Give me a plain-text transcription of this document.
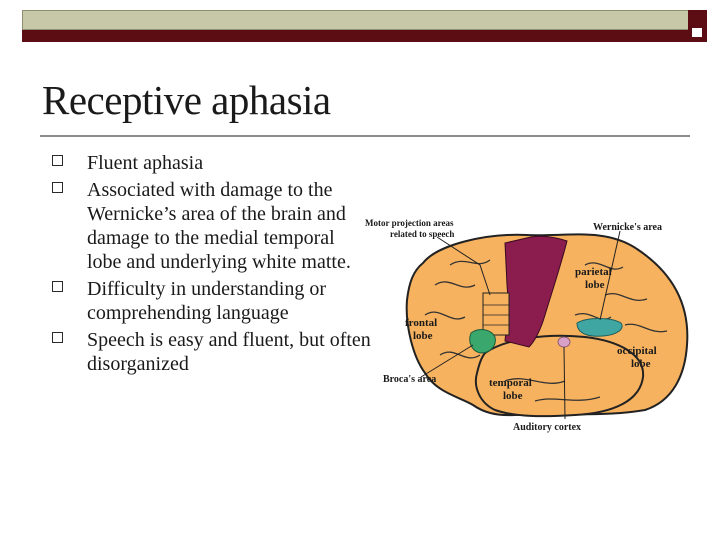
Receptive aphasia
Fluent aphasia
Associated with damage to the Wernicke’s area of the brain and damage to the medial temporal lobe and underlying white matte.
Difficulty in understanding or comprehending language
Speech is easy and fluent, but often disorganized
Motor projection areas
related to speech
Wernicke's area
parietal
lobe
frontal
lobe
occipital
lobe
Broca's area	temporal
lobe
Auditory cortex
